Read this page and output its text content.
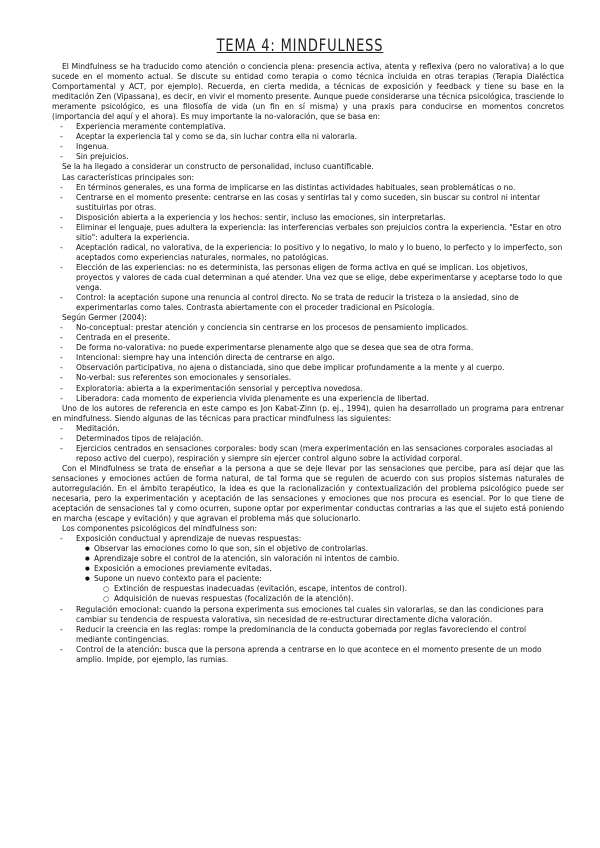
TEMA 4: MINDFULNESS

El Mindfulness se ha traducido como atención o conciencia plena: presencia activa, atenta y reflexiva (pero no valorativa) a lo que sucede en el momento actual. Se discute su entidad como terapia o como técnica incluida en otras terapias (Terapia Dialéctica Comportamental y ACT, por ejemplo). Recuerda, en cierta medida, a técnicas de exposición y feedback y tiene su base en la meditación Zen (Vipassana), es decir, en vivir el momento presente. Aunque puede considerarse una técnica psicológica, trasciende lo meramente psicológico, es una filosofía de vida (un fin en sí misma) y una praxis para conducirse en momentos concretos (importancia del aquí y el ahora). Es muy importante la no-valoración, que se basa en:

- Experiencia meramente contemplativa.
- Aceptar la experiencia tal y como se da, sin luchar contra ella ni valorarla.
- Ingenua.
- Sin prejuicios.

Se la ha llegado a considerar un constructo de personalidad, incluso cuantificable.

Las características principales son:

- En términos generales, es una forma de implicarse en las distintas actividades habituales, sean problemáticas o no.
- Centrarse en el momento presente: centrarse en las cosas y sentirlas tal y como suceden, sin buscar su control ni intentar sustituirlas por otras.
- Disposición abierta a la experiencia y los hechos: sentir, incluso las emociones, sin interpretarlas.
- Eliminar el lenguaje, pues adultera la experiencia: las interferencias verbales son prejuicios contra la experiencia. "Estar en otro sitio": adultera la experiencia.
- Aceptación radical, no valorativa, de la experiencia: lo positivo y lo negativo, lo malo y lo bueno, lo perfecto y lo imperfecto, son aceptados como experiencias naturales, normales, no patológicas.
- Elección de las experiencias: no es determinista, las personas eligen de forma activa en qué se implican. Los objetivos, proyectos y valores de cada cual determinan a qué atender. Una vez que se elige, debe experimentarse y aceptarse todo lo que venga.
- Control: la aceptación supone una renuncia al control directo. No se trata de reducir la tristeza o la ansiedad, sino de experimentarlas como tales. Contrasta abiertamente con el proceder tradicional en Psicología.

Según Germer (2004):

- No-conceptual: prestar atención y conciencia sin centrarse en los procesos de pensamiento implicados.
- Centrada en el presente.
- De forma no-valorativa: no puede experimentarse plenamente algo que se desea que sea de otra forma.
- Intencional: siempre hay una intención directa de centrarse en algo.
- Observación participativa, no ajena o distanciada, sino que debe implicar profundamente a la mente y al cuerpo.
- No-verbal: sus referentes son emocionales y sensoriales.
- Exploratoria: abierta a la experimentación sensorial y perceptiva novedosa.
- Liberadora: cada momento de experiencia vivida plenamente es una experiencia de libertad.

Uno de los autores de referencia en este campo es Jon Kabat-Zinn (p. ej., 1994), quien ha desarrollado un programa para entrenar en mindfulness. Siendo algunas de las técnicas para practicar mindfulness las siguientes:

- Meditación.
- Determinados tipos de relajación.
- Ejercicios centrados en sensaciones corporales: body scan (mera experimentación en las sensaciones corporales asociadas al reposo activo del cuerpo), respiración y siempre sin ejercer control alguno sobre la actividad corporal.

Con el Mindfulness se trata de enseñar a la persona a que se deje llevar por las sensaciones que percibe, para así dejar que las sensaciones y emociones actúen de forma natural, de tal forma que se regulen de acuerdo con sus propios sistemas naturales de autorregulación. En el ámbito terapéutico, la idea es que la racionalización y contextualización del problema psicológico puede ser necesaria, pero la experimentación y aceptación de las sensaciones y emociones que nos procura es esencial. Por lo que tiene de aceptación de sensaciones tal y como ocurren, supone optar por experimentar conductas contrarias a las que el sujeto está poniendo en marcha (escape y evitación) y que agravan el problema más que solucionarlo.

Los componentes psicológicos del mindfulness son:

- Exposición conductual y aprendizaje de nuevas respuestas:
● Observar las emociones como lo que son, sin el objetivo de controlarlas.
● Aprendizaje sobre el control de la atención, sin valoración ni intentos de cambio.
● Exposición a emociones previamente evitadas.
● Supone un nuevo contexto para el paciente:
○ Extinción de respuestas inadecuadas (evitación, escape, intentos de control).
○ Adquisición de nuevas respuestas (focalización de la atención).
- Regulación emocional: cuando la persona experimenta sus emociones tal cuales sin valorarlas, se dan las condiciones para cambiar su tendencia de respuesta valorativa, sin necesidad de re-estructurar directamente dicha valoración.
- Reducir la creencia en las reglas: rompe la predominancia de la conducta gobernada por reglas favoreciendo el control mediante contingencias.
- Control de la atención: busca que la persona aprenda a centrarse en lo que acontece en el momento presente de un modo amplio. Impide, por ejemplo, las rumias.
